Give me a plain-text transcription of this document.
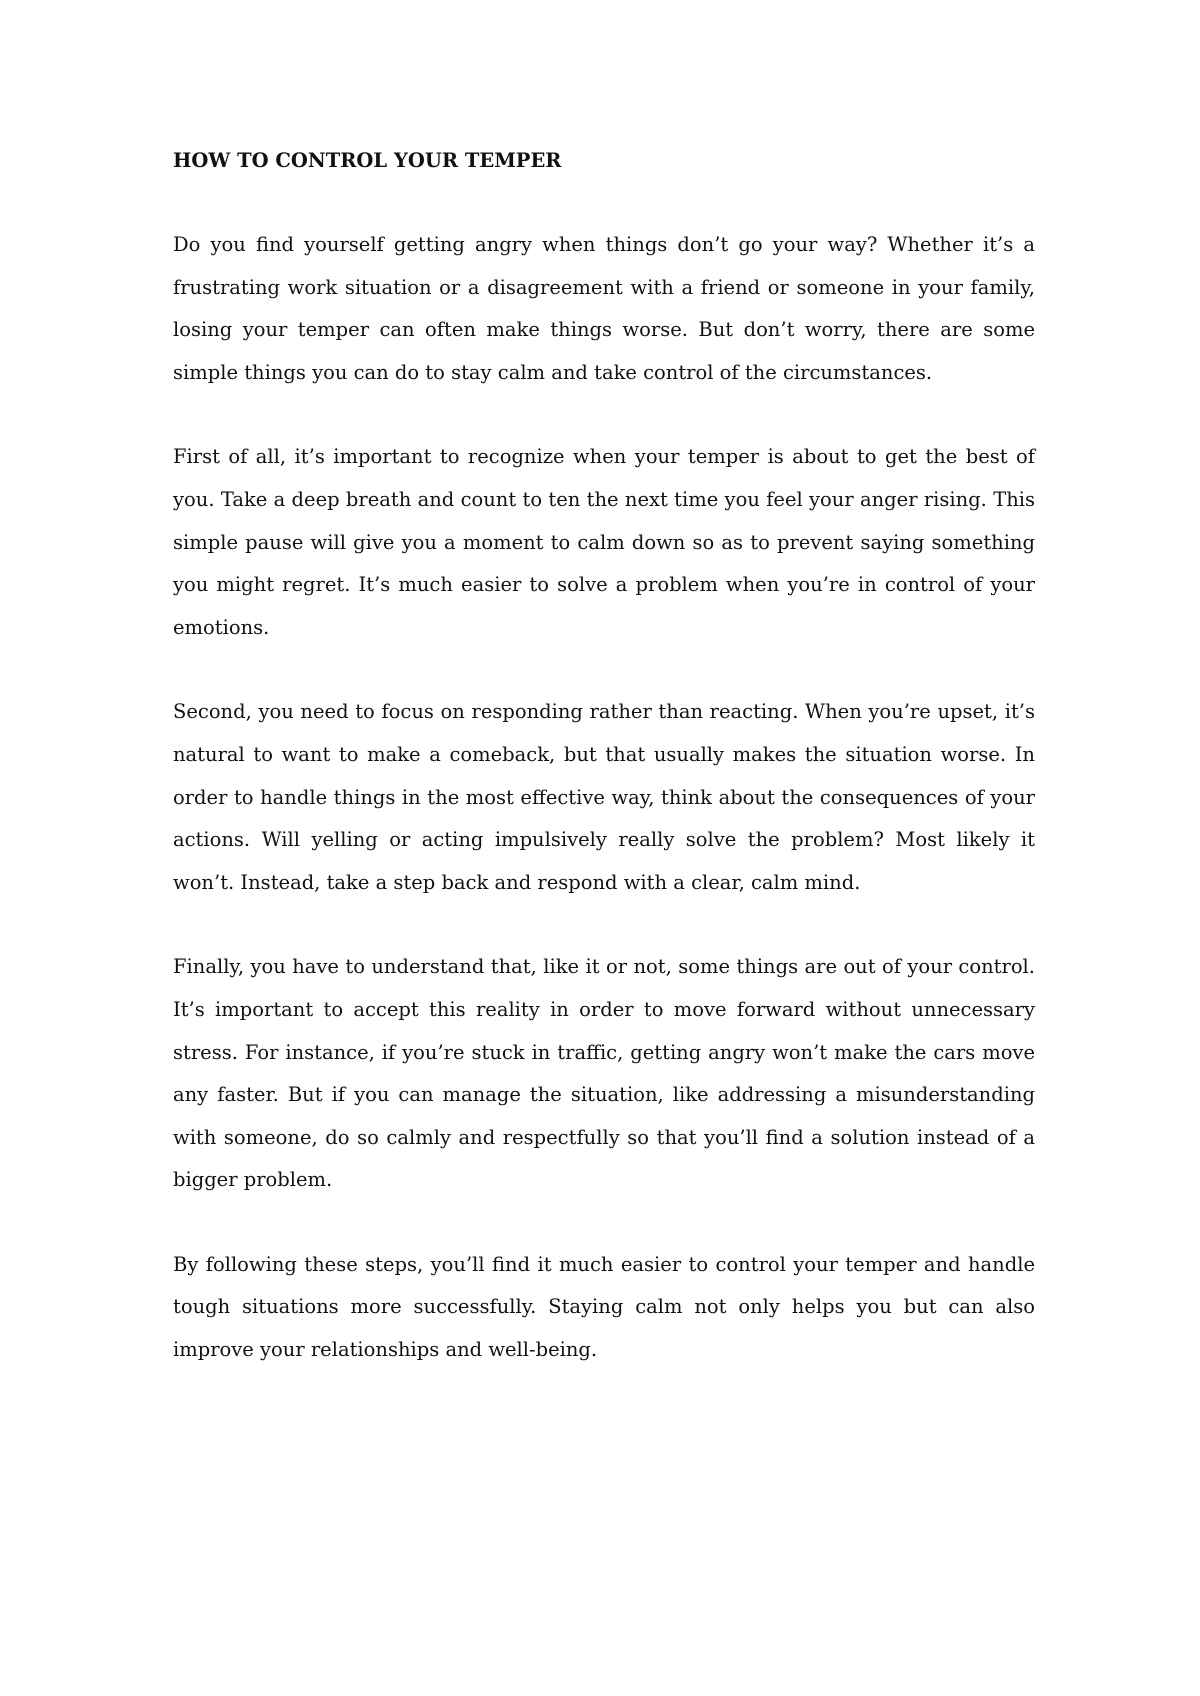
HOW TO CONTROL YOUR TEMPER

Do you find yourself getting angry when things don’t go your way? Whether it’s a frustrating work situation or a disagreement with a friend or someone in your family, losing your temper can often make things worse. But don’t worry, there are some simple things you can do to stay calm and take control of the circumstances.

First of all, it’s important to recognize when your temper is about to get the best of you. Take a deep breath and count to ten the next time you feel your anger rising. This simple pause will give you a moment to calm down so as to prevent saying something you might regret. It’s much easier to solve a problem when you’re in control of your emotions.

Second, you need to focus on responding rather than reacting. When you’re upset, it’s natural to want to make a comeback, but that usually makes the situation worse. In order to handle things in the most effective way, think about the consequences of your actions. Will yelling or acting impulsively really solve the problem? Most likely it won’t. Instead, take a step back and respond with a clear, calm mind.

Finally, you have to understand that, like it or not, some things are out of your control. It’s important to accept this reality in order to move forward without unnecessary stress. For instance, if you’re stuck in traffic, getting angry won’t make the cars move any faster. But if you can manage the situation, like addressing a misunderstanding with someone, do so calmly and respectfully so that you’ll find a solution instead of a bigger problem.

By following these steps, you’ll find it much easier to control your temper and handle tough situations more successfully. Staying calm not only helps you but can also improve your relationships and well-being.
